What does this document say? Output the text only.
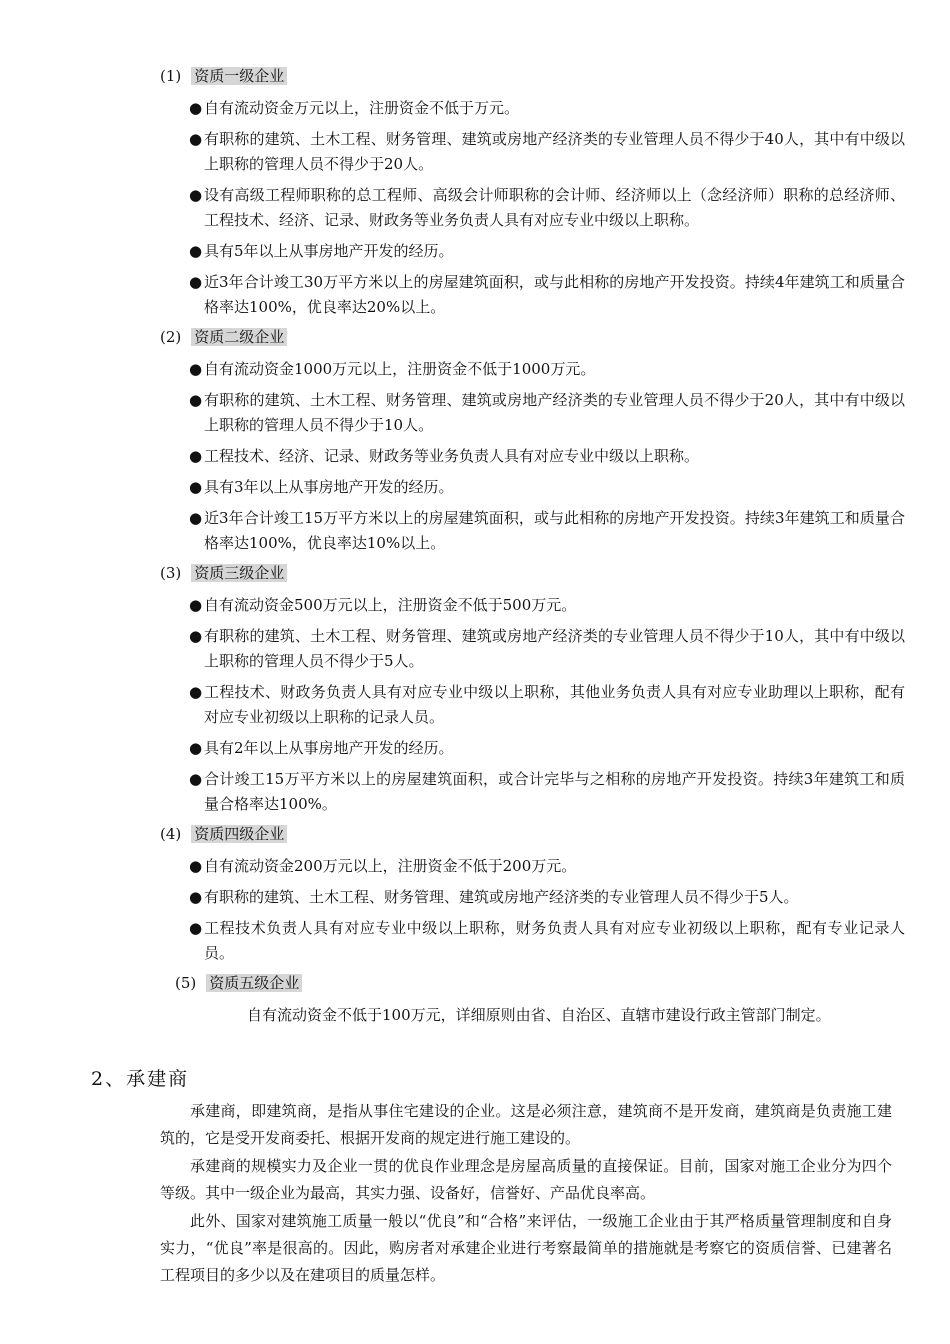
(1) 资质一级企业
● 自有流动资金万元以上，注册资金不低于万元。
● 有职称的建筑、土木工程、财务管理、建筑或房地产经济类的专业管理人员不得少于40人，其中有中级以上职称的管理人员不得少于20人。
● 设有高级工程师职称的总工程师、高级会计师职称的会计师、经济师以上（念经济师）职称的总经济师、工程技术、经济、记录、财政务等业务负责人具有对应专业中级以上职称。
● 具有5年以上从事房地产开发的经历。
● 近3年合计竣工30万平方米以上的房屋建筑面积，或与此相称的房地产开发投资。持续4年建筑工和质量合格率达100%，优良率达20%以上。
(2) 资质二级企业
● 自有流动资金1000万元以上，注册资金不低于1000万元。
● 有职称的建筑、土木工程、财务管理、建筑或房地产经济类的专业管理人员不得少于20人，其中有中级以上职称的管理人员不得少于10人。
● 工程技术、经济、记录、财政务等业务负责人具有对应专业中级以上职称。
● 具有3年以上从事房地产开发的经历。
● 近3年合计竣工15万平方米以上的房屋建筑面积，或与此相称的房地产开发投资。持续3年建筑工和质量合格率达100%，优良率达10%以上。
(3) 资质三级企业
● 自有流动资金500万元以上，注册资金不低于500万元。
● 有职称的建筑、土木工程、财务管理、建筑或房地产经济类的专业管理人员不得少于10人，其中有中级以上职称的管理人员不得少于5人。
● 工程技术、财政务负责人具有对应专业中级以上职称，其他业务负责人具有对应专业助理以上职称，配有对应专业初级以上职称的记录人员。
● 具有2年以上从事房地产开发的经历。
● 合计竣工15万平方米以上的房屋建筑面积，或合计完毕与之相称的房地产开发投资。持续3年建筑工和质量合格率达100%。
(4) 资质四级企业
● 自有流动资金200万元以上，注册资金不低于200万元。
● 有职称的建筑、土木工程、财务管理、建筑或房地产经济类的专业管理人员不得少于5人。
● 工程技术负责人具有对应专业中级以上职称，财务负责人具有对应专业初级以上职称，配有专业记录人员。
(5) 资质五级企业
自有流动资金不低于100万元，详细原则由省、自治区、直辖市建设行政主管部门制定。
2、承建商
承建商，即建筑商，是指从事住宅建设的企业。这是必须注意，建筑商不是开发商，建筑商是负责施工建筑的，它是受开发商委托、根据开发商的规定进行施工建设的。
承建商的规模实力及企业一贯的优良作业理念是房屋高质量的直接保证。目前，国家对施工企业分为四个等级。其中一级企业为最高，其实力强、设备好，信誉好、产品优良率高。
此外、国家对建筑施工质量一般以“优良”和“合格”来评估，一级施工企业由于其严格质量管理制度和自身实力，“优良”率是很高的。因此，购房者对承建企业进行考察最简单的措施就是考察它的资质信誉、已建著名工程项目的多少以及在建项目的质量怎样。
